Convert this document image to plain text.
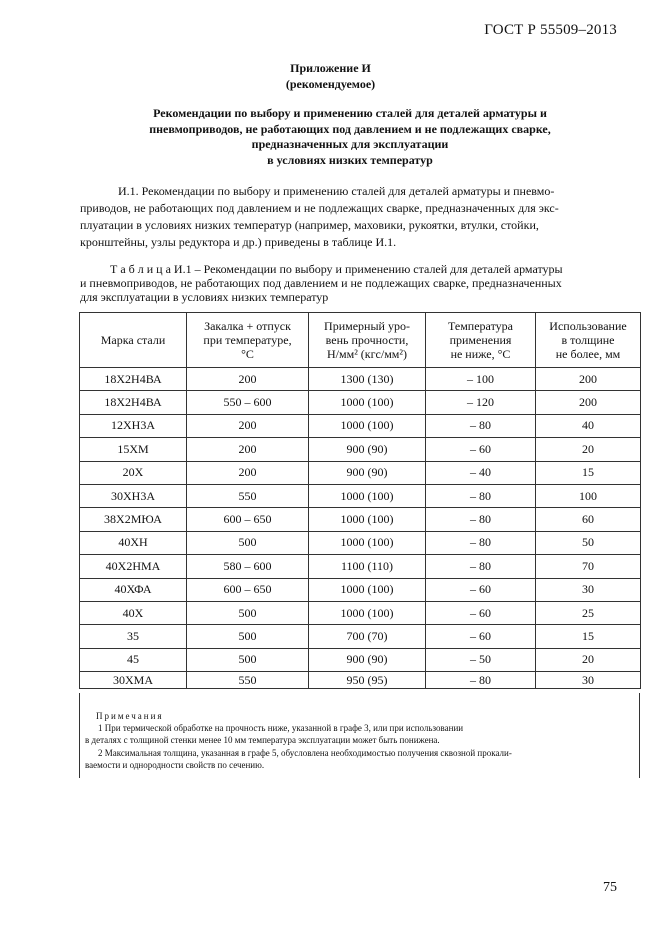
ГОСТ Р 55509–2013
Приложение И
(рекомендуемое)
Рекомендации по выбору и применению сталей для деталей арматуры и
пневмоприводов, не работающих под давлением и не подлежащих сварке,
предназначенных для эксплуатации
в условиях низких температур

И.1. Рекомендации по выбору и применению сталей для деталей арматуры и пневмо-

приводов, не работающих под давлением и не подлежащих сварке, предназначенных для экс-

плуатации в условиях низких температур (например, маховики, рукоятки, втулки, стойки,

кронштейны, узлы редуктора и др.) приведены в таблице И.1.

Т а б л и ц а И.1 – Рекомендации по выбору и применению сталей для деталей арматуры
и пневмоприводов, не работающих под давлением и не подлежащих сварке, предназначенных
для эксплуатации в условиях низких температур
Марка стали	Закалка + отпуск
при температуре,
°С	Примерный уро-
вень прочности,
Н/мм² (кгс/мм²)	Температура
применения
не ниже, °С	Использование
в толщине
не более, мм
18Х2Н4ВА	200	1300 (130)	– 100	200
18Х2Н4ВА	550 – 600	1000 (100)	– 120	200
12ХН3А	200	1000 (100)	– 80	40
15ХМ	200	900 (90)	– 60	20
20Х	200	900 (90)	– 40	15
30ХН3А	550	1000 (100)	– 80	100
38Х2МЮА	600 – 650	1000 (100)	– 80	60
40ХН	500	1000 (100)	– 80	50
40Х2НМА	580 – 600	1100 (110)	– 80	70
40ХФА	600 – 650	1000 (100)	– 60	30
40Х	500	1000 (100)	– 60	25
35	500	700 (70)	– 60	15
45	500	900 (90)	– 50	20
30ХМА	550	950 (95)	– 80	30
Примечания
1 При термической обработке на прочность ниже, указанной в графе 3, или при использовании
в деталях с толщиной стенки менее 10 мм температура эксплуатации может быть понижена.
2 Максимальная толщина, указанная в графе 5, обусловлена необходимостью получения сквозной прокали-
ваемости и однородности свойств по сечению.
75
